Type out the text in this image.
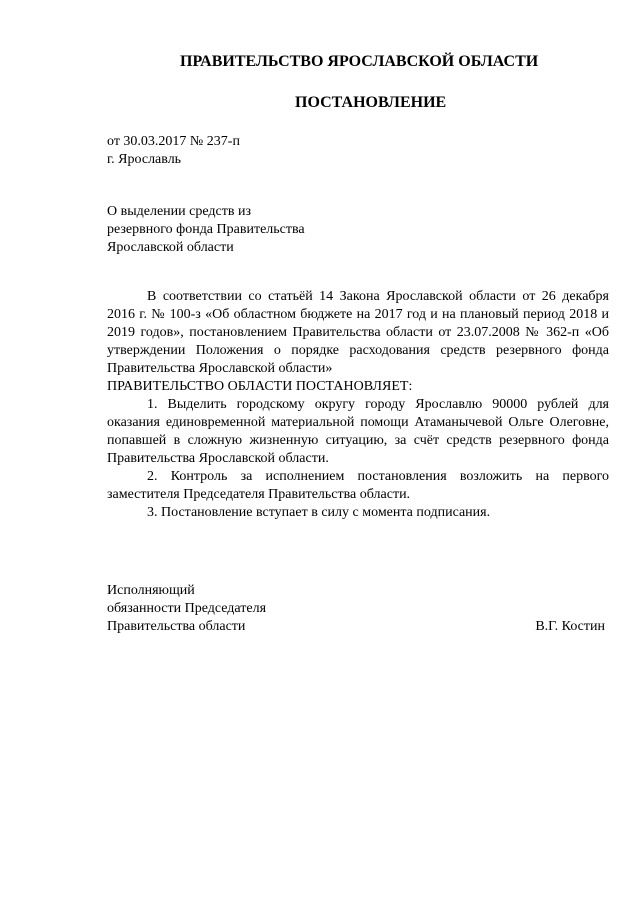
ПРАВИТЕЛЬСТВО ЯРОСЛАВСКОЙ ОБЛАСТИ
ПОСТАНОВЛЕНИЕ
от 30.03.2017 № 237-п
г. Ярославль
О выделении средств из
резервного фонда Правительства
Ярославской области

В соответствии со статьёй 14 Закона Ярославской области от 26 декабря 2016 г. № 100-з «Об областном бюджете на 2017 год и на плановый период 2018 и 2019 годов», постановлением Правительства области от 23.07.2008 № 362-п «Об утверждении Положения о порядке расходования средств резервного фонда Правительства Ярославской области»

ПРАВИТЕЛЬСТВО ОБЛАСТИ ПОСТАНОВЛЯЕТ:

1. Выделить городскому округу городу Ярославлю 90000 рублей для оказания единовременной материальной помощи Атаманычевой Ольге Олеговне, попавшей в сложную жизненную ситуацию, за счёт средств резервного фонда Правительства Ярославской области.

2. Контроль за исполнением постановления возложить на первого заместителя Председателя Правительства области.

3. Постановление вступает в силу с момента подписания.

Исполняющий
обязанности Председателя
Правительства области	В.Г. Костин
